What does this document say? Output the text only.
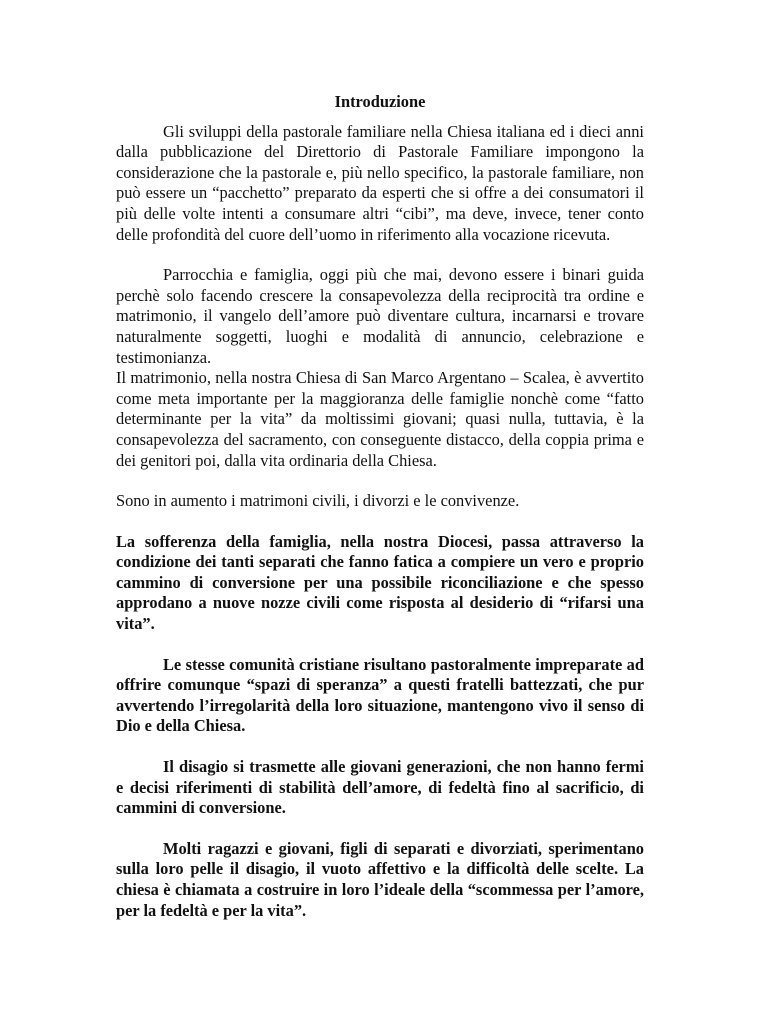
Introduzione

Gli sviluppi della pastorale familiare nella Chiesa italiana ed i dieci anni dalla pubblicazione del Direttorio di Pastorale Familiare impongono la considerazione che la pastorale e, più nello specifico, la pastorale familiare, non può essere un “pacchetto” preparato da esperti che si offre a dei consumatori il più delle volte intenti a consumare altri “cibi”, ma deve, invece, tener conto delle profondità del cuore dell’uomo in riferimento alla vocazione ricevuta.

Parrocchia e famiglia, oggi più che mai, devono essere i binari guida perchè solo facendo crescere la consapevolezza della reciprocità tra ordine e matrimonio, il vangelo dell’amore può diventare cultura, incarnarsi e trovare naturalmente soggetti, luoghi e modalità di annuncio, celebrazione e testimonianza.

Il matrimonio, nella nostra Chiesa di San Marco Argentano – Scalea, è avvertito come meta importante per la maggioranza delle famiglie nonchè come “fatto determinante per la vita” da moltissimi giovani; quasi nulla, tuttavia, è la consapevolezza del sacramento, con conseguente distacco, della coppia prima e dei genitori poi, dalla vita ordinaria della Chiesa.

Sono in aumento i matrimoni civili, i divorzi e le convivenze.

La sofferenza della famiglia, nella nostra Diocesi, passa attraverso la condizione dei tanti separati che fanno fatica a compiere un vero e proprio cammino di conversione per una possibile riconciliazione e che spesso approdano a nuove nozze civili come risposta al desiderio di “rifarsi una vita”.

Le stesse comunità cristiane risultano pastoralmente impreparate ad offrire comunque “spazi di speranza” a questi fratelli battezzati, che pur avvertendo l’irregolarità della loro situazione, mantengono vivo il senso di Dio e della Chiesa.

Il disagio si trasmette alle giovani generazioni, che non hanno fermi e decisi riferimenti di stabilità dell’amore, di fedeltà fino al sacrificio, di cammini di conversione.

Molti ragazzi e giovani, figli di separati e divorziati, sperimentano sulla loro pelle il disagio, il vuoto affettivo e la difficoltà delle scelte. La chiesa è chiamata a costruire in loro l’ideale della “scommessa per l’amore, per la fedeltà e per la vita”.
